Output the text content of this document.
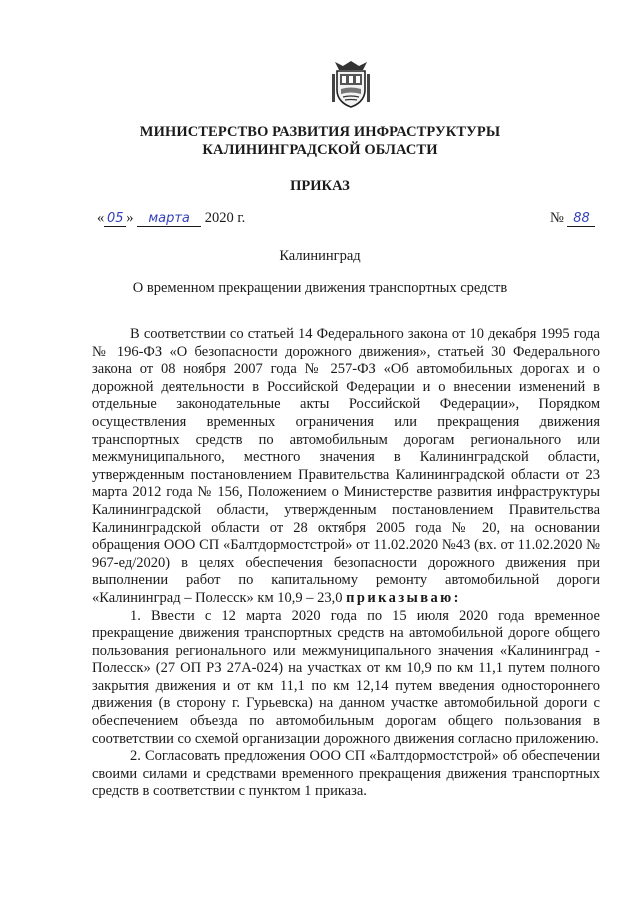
МИНИСТЕРСТВО РАЗВИТИЯ ИНФРАСТРУКТУРЫ
КАЛИНИНГРАДСКОЙ ОБЛАСТИ
ПРИКАЗ
« 05 » марта 2020 г.	№ 88
Калининград
О временном прекращении движения транспортных средств

В соответствии со статьей 14 Федерального закона от 10 декабря 1995 года № 196-ФЗ «О безопасности дорожного движения», статьей 30 Федерального закона от 08 ноября 2007 года № 257-ФЗ «Об автомобильных дорогах и о дорожной деятельности в Российской Федерации и о внесении изменений в отдельные законодательные акты Российской Федерации», Порядком осуществления временных ограничения или прекращения движения транспортных средств по автомобильным дорогам регионального или межмуниципального, местного значения в Калининградской области, утвержденным постановлением Правительства Калининградской области от 23 марта 2012 года № 156, Положением о Министерстве развития инфраструктуры Калининградской области, утвержденным постановлением Правительства Калининградской области от 28 октября 2005 года № 20, на основании обращения ООО СП «Балтдормостстрой» от 11.02.2020 №43 (вх. от 11.02.2020 № 967-ед/2020) в целях обеспечения безопасности дорожного движения при выполнении работ по капитальному ремонту автомобильной дороги «Калининград – Полесск» км 10,9 – 23,0 приказываю:

1. Ввести с 12 марта 2020 года по 15 июля 2020 года временное прекращение движения транспортных средств на автомобильной дороге общего пользования регионального или межмуниципального значения «Калининград - Полесск» (27 ОП РЗ 27А-024) на участках от км 10,9 по км 11,1 путем полного закрытия движения и от км 11,1 по км 12,14 путем введения одностороннего движения (в сторону г. Гурьевска) на данном участке автомобильной дороги с обеспечением объезда по автомобильным дорогам общего пользования в соответствии со схемой организации дорожного движения согласно приложению.

2. Согласовать предложения ООО СП «Балтдормостстрой» об обеспечении своими силами и средствами временного прекращения движения транспортных средств в соответствии с пунктом 1 приказа.
